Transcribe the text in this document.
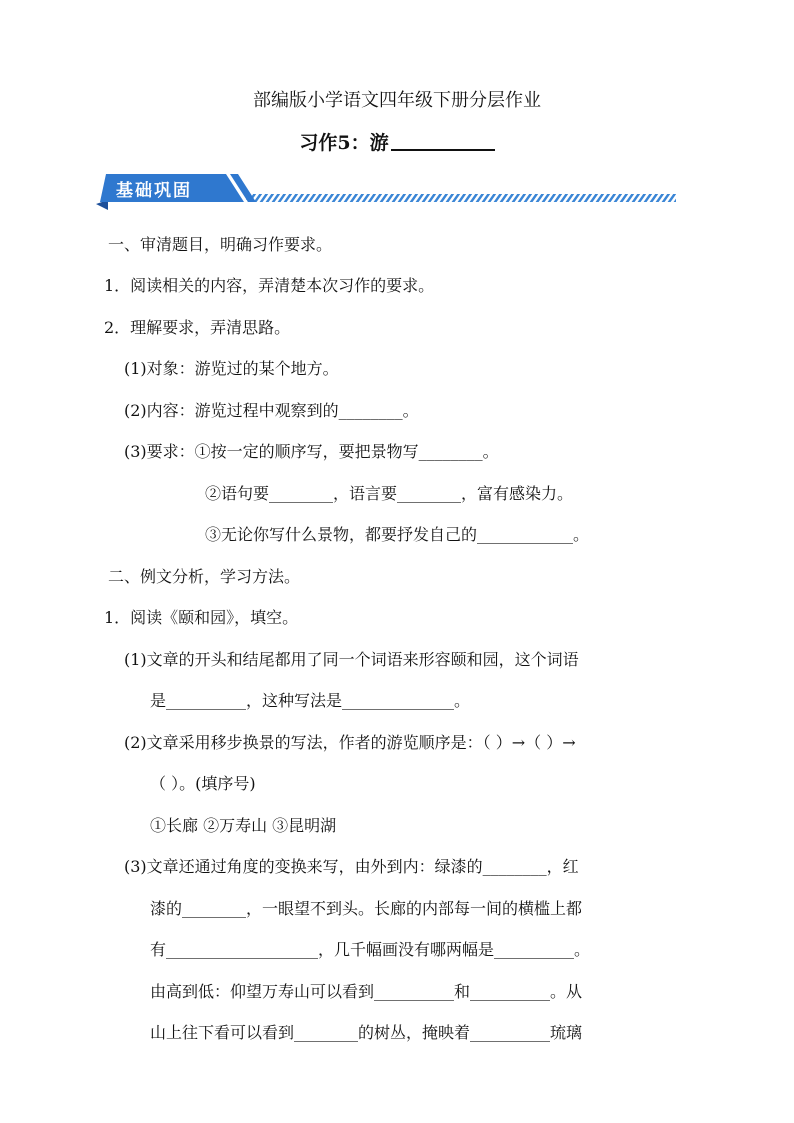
部编版小学语文四年级下册分层作业
习作5：游
基础巩固
一、审清题目，明确习作要求。
1．阅读相关的内容，弄清楚本次习作的要求。
2．理解要求，弄清思路。
(1)对象：游览过的某个地方。
(2)内容：游览过程中观察到的________。
(3)要求：①按一定的顺序写，要把景物写________。
②语句要________，语言要________，富有感染力。
③无论你写什么景物，都要抒发自己的____________。
二、例文分析，学习方法。
1．阅读《颐和园》，填空。
(1)文章的开头和结尾都用了同一个词语来形容颐和园，这个词语
是__________，这种写法是______________。
(2)文章采用移步换景的写法，作者的游览顺序是：（ ）→（ ）→
（ ）。(填序号)
①长廊 ②万寿山 ③昆明湖
(3)文章还通过角度的变换来写，由外到内：绿漆的________，红
漆的________，一眼望不到头。长廊的内部每一间的横槛上都
有___________________，几千幅画没有哪两幅是__________。
由高到低：仰望万寿山可以看到__________和__________。从
山上往下看可以看到________的树丛，掩映着__________琉璃
